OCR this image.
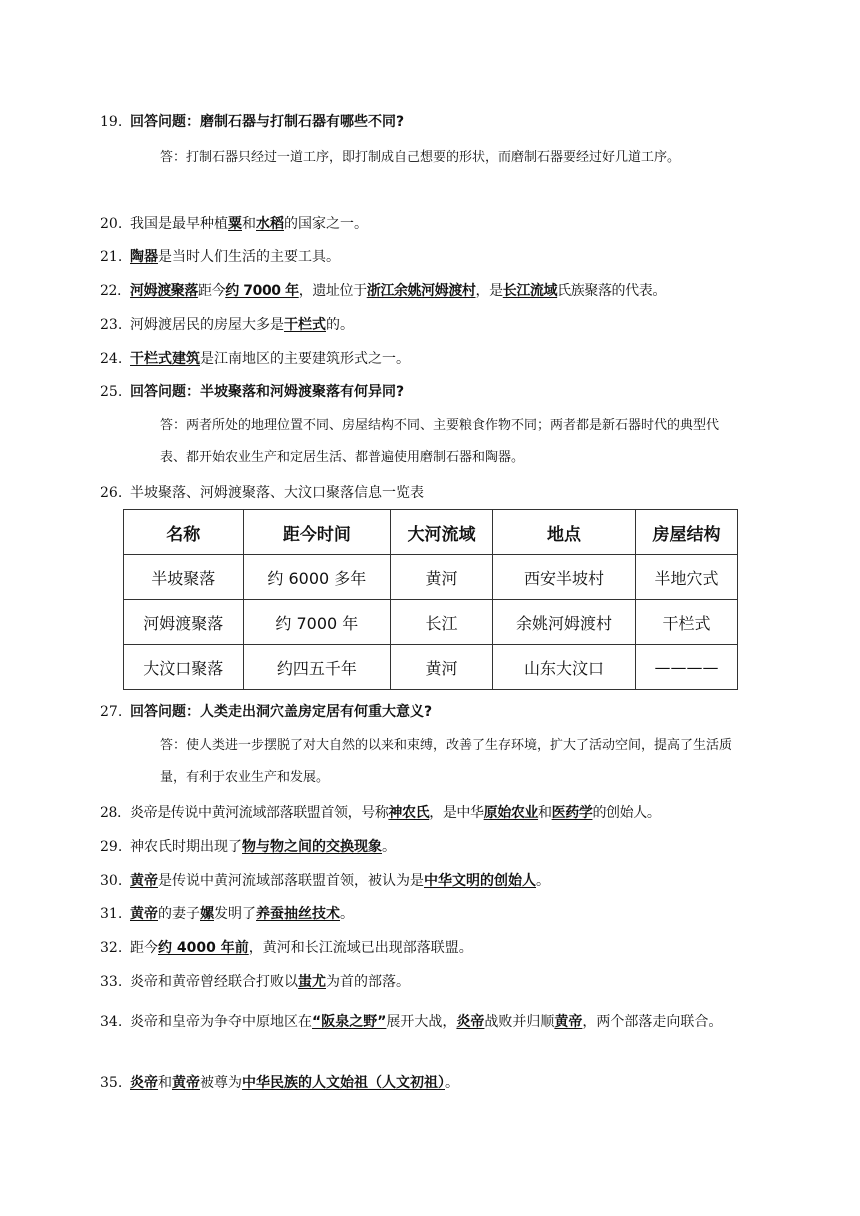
19. 回答问题：磨制石器与打制石器有哪些不同?
答：打制石器只经过一道工序，即打制成自己想要的形状，而磨制石器要经过好几道工序。
20. 我国是最早种植粟和水稻的国家之一。
21. 陶器是当时人们生活的主要工具。
22. 河姆渡聚落距今约 7000 年，遗址位于浙江余姚河姆渡村，是长江流域氏族聚落的代表。
23. 河姆渡居民的房屋大多是干栏式的。
24. 干栏式建筑是江南地区的主要建筑形式之一。
25. 回答问题：半坡聚落和河姆渡聚落有何异同?
答：两者所处的地理位置不同、房屋结构不同、主要粮食作物不同；两者都是新石器时代的典型代表、都开始农业生产和定居生活、都普遍使用磨制石器和陶器。
26. 半坡聚落、河姆渡聚落、大汶口聚落信息一览表
名称	距今时间	大河流域	地点	房屋结构
半坡聚落	约 6000 多年	黄河	西安半坡村	半地穴式
河姆渡聚落	约 7000 年	长江	余姚河姆渡村	干栏式
大汶口聚落	约四五千年	黄河	山东大汶口	————
27. 回答问题：人类走出洞穴盖房定居有何重大意义?
答：使人类进一步摆脱了对大自然的以来和束缚，改善了生存环境，扩大了活动空间，提高了生活质量，有利于农业生产和发展。
28. 炎帝是传说中黄河流域部落联盟首领，号称神农氏，是中华原始农业和医药学的创始人。
29. 神农氏时期出现了物与物之间的交换现象。
30. 黄帝是传说中黄河流域部落联盟首领，被认为是中华文明的创始人。
31. 黄帝的妻子嫘发明了养蚕抽丝技术。
32. 距今约 4000 年前，黄河和长江流域已出现部落联盟。
33. 炎帝和黄帝曾经联合打败以蚩尤为首的部落。
34. 炎帝和皇帝为争夺中原地区在“阪泉之野”展开大战，炎帝战败并归顺黄帝，两个部落走向联合。
35. 炎帝和黄帝被尊为中华民族的人文始祖（人文初祖）。
